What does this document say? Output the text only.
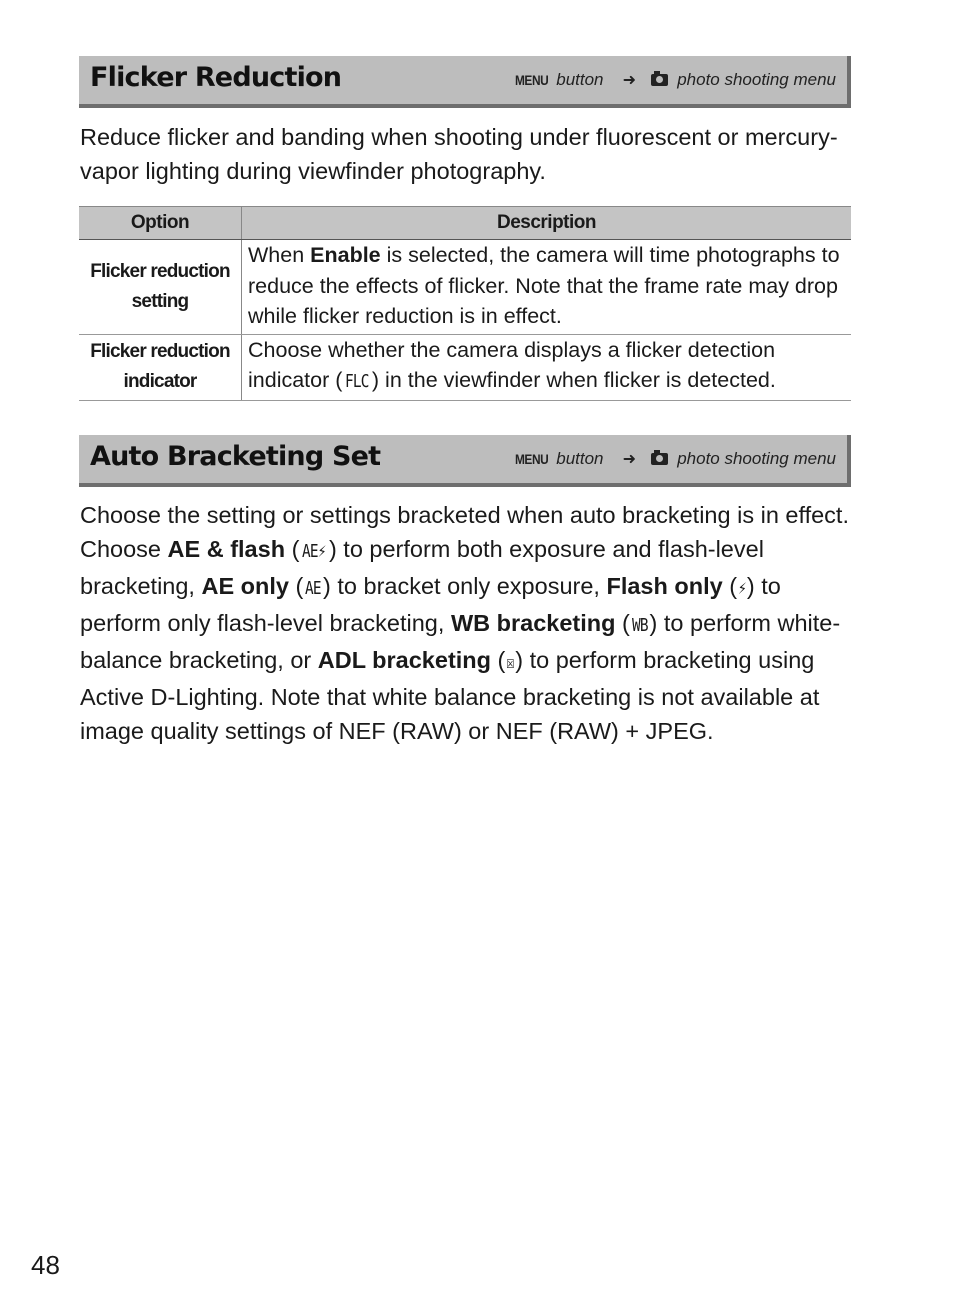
Flicker Reduction	MENU button ➜ photo shooting menu
Reduce flicker and banding when shooting under fluorescent or mercury-vapor lighting during viewfinder photography.
Option	Description

Flicker reduction
setting	When Enable is selected, the camera will time photographs to reduce the effects of flicker. Note that the frame rate may drop while flicker reduction is in effect.

Flicker reduction
indicator	Choose whether the camera displays a flicker detection indicator ( FLC ) in the viewfinder when flicker is detected.
Auto Bracketing Set	MENU button ➜ photo shooting menu
Choose the setting or settings bracketed when auto bracketing is in effect. Choose AE & flash ( AE⚡ ) to perform both exposure and flash-level bracketing, AE only ( AE) to bracket only exposure, Flash only (⚡) to perform only flash-level bracketing, WB bracketing ( WB) to perform white-balance bracketing, or ADL bracketing (☒) to perform bracketing using Active D-Lighting. Note that white balance bracketing is not available at image quality settings of NEF (RAW) or NEF (RAW) + JPEG.
48
